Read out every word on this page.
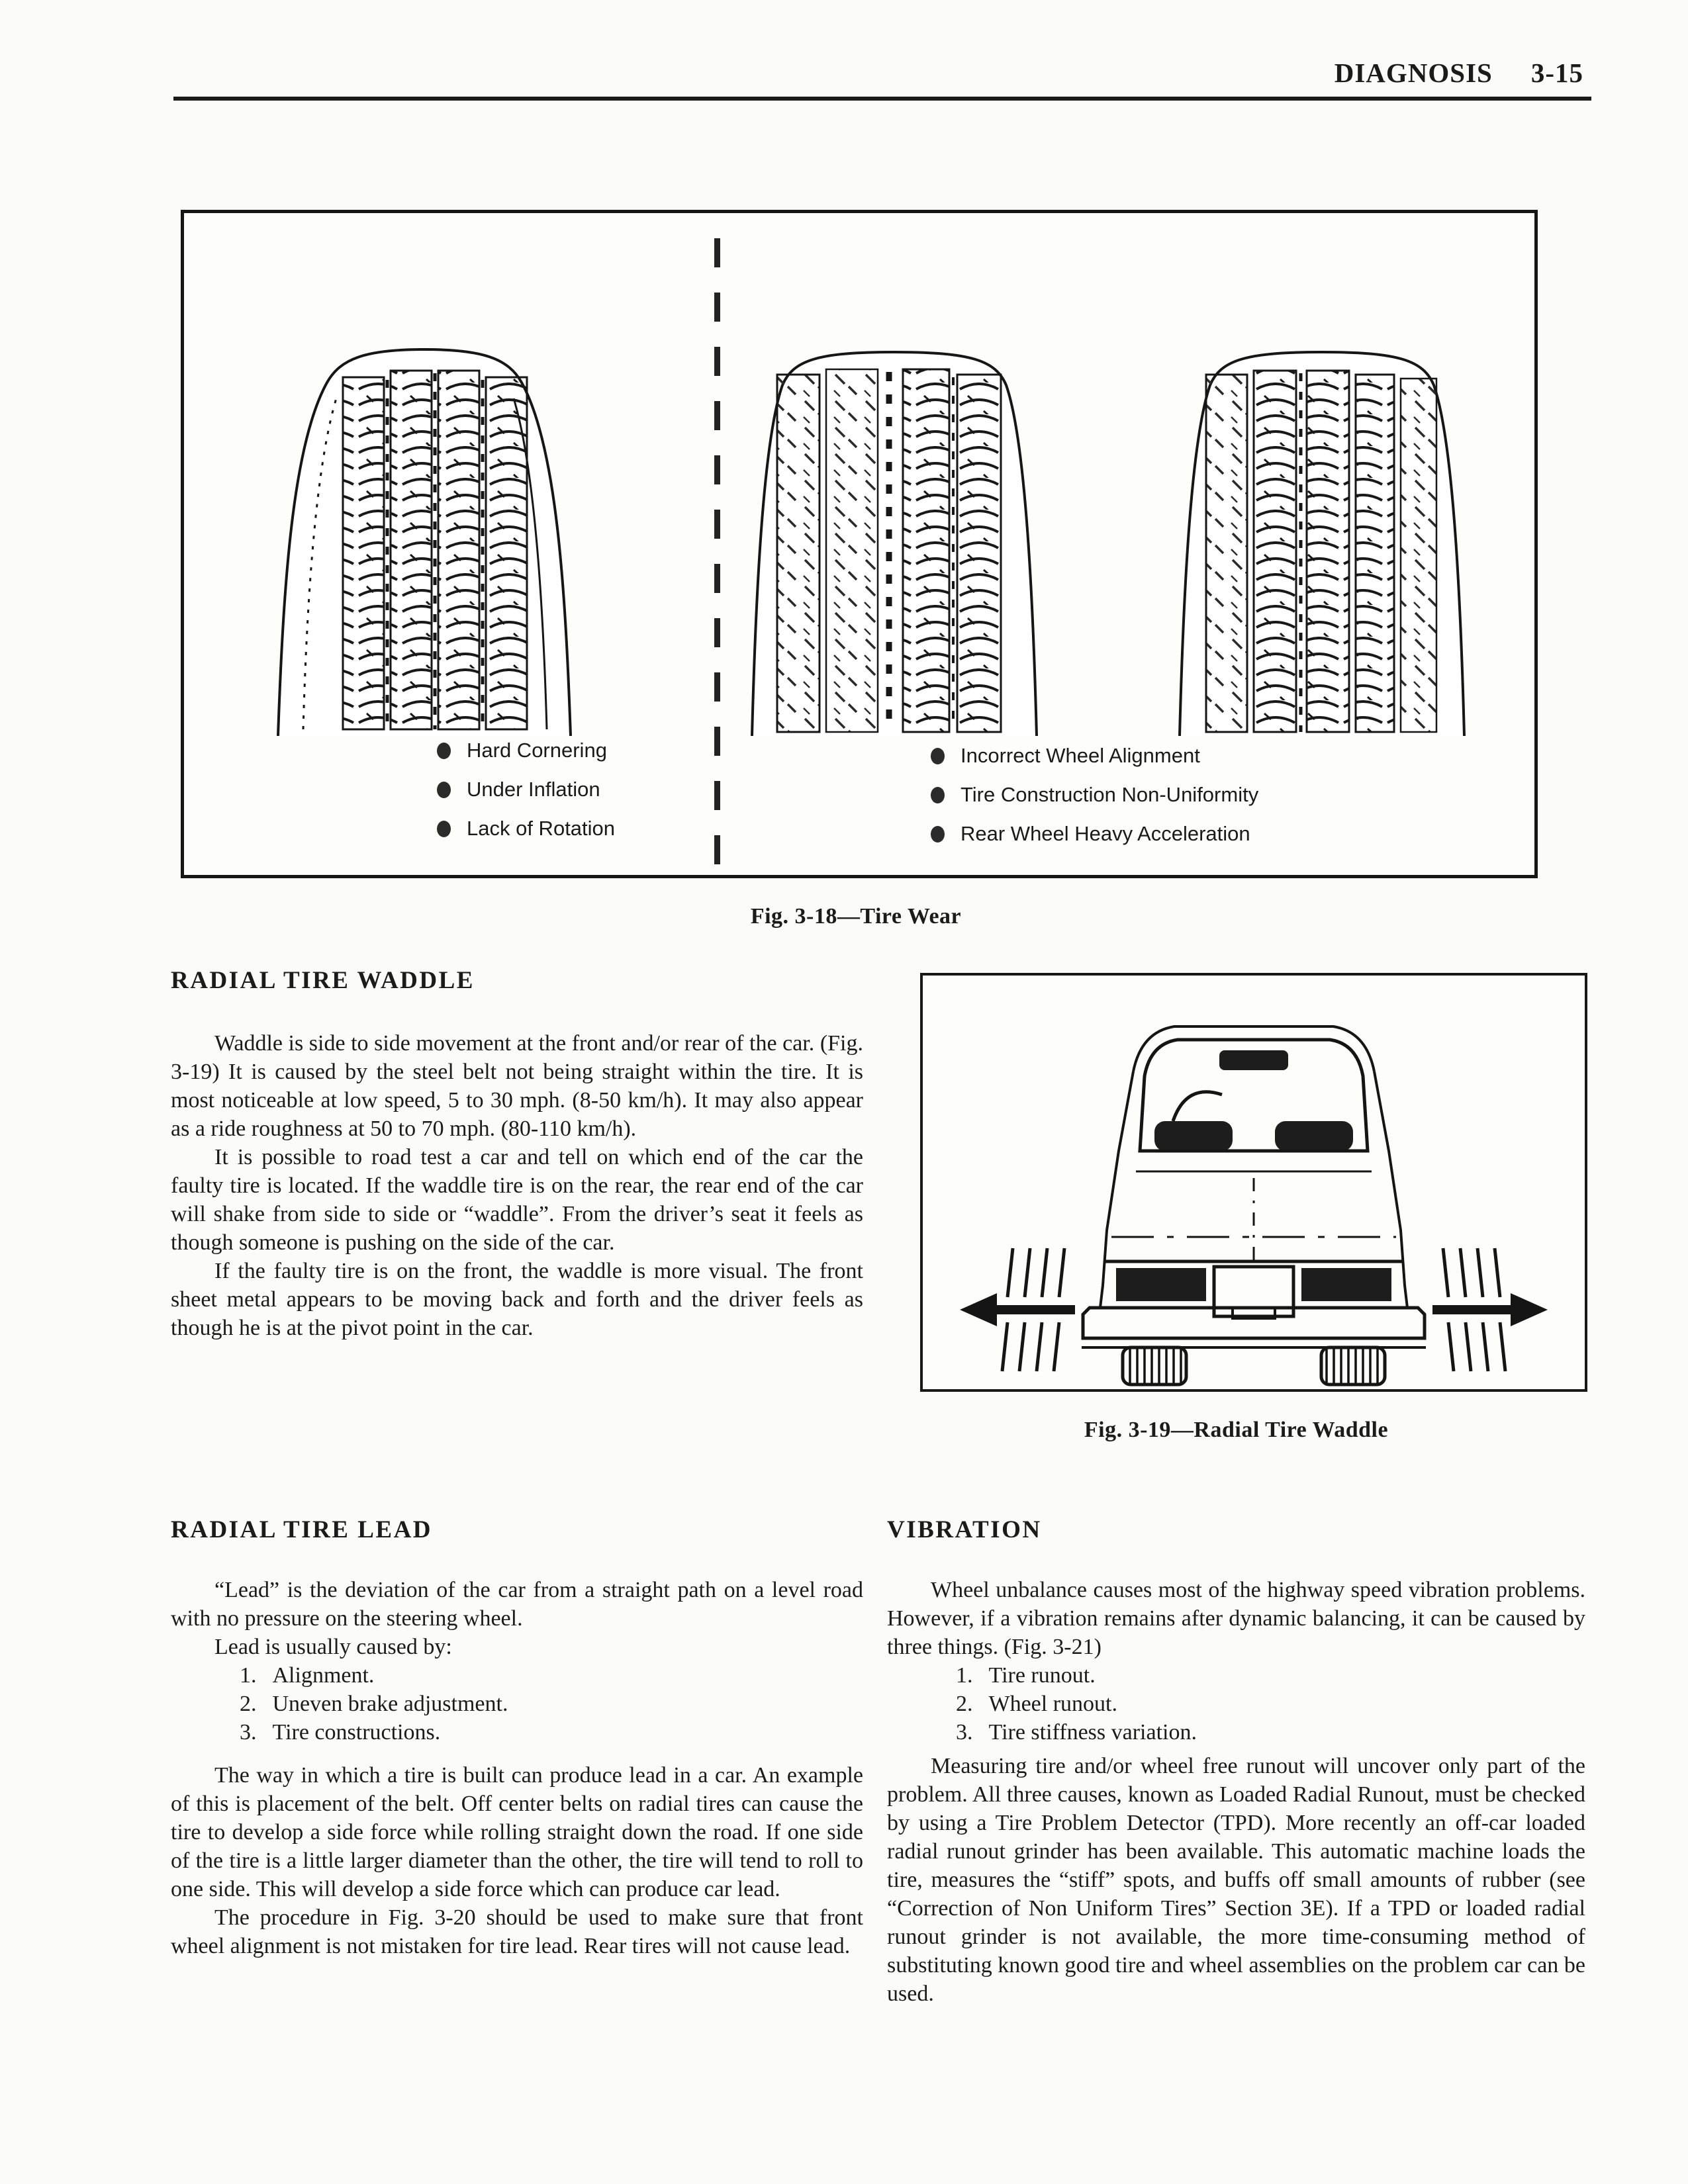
DIAGNOSIS 3-15
Hard Cornering
Under Inflation
Lack of Rotation
Incorrect Wheel Alignment
Tire Construction Non-Uniformity
Rear Wheel Heavy Acceleration
Fig. 3-18—Tire Wear
RADIAL TIRE WADDLE

Waddle is side to side movement at the front and/or rear of the car. (Fig. 3-19) It is caused by the steel belt not being straight within the tire. It is most noticeable at low speed, 5 to 30 mph. (8-50 km/h). It may also appear as a ride roughness at 50 to 70 mph. (80-110 km/h).

It is possible to road test a car and tell on which end of the car the faulty tire is located. If the waddle tire is on the rear, the rear end of the car will shake from side to side or “waddle”. From the driver’s seat it feels as though someone is pushing on the side of the car.

If the faulty tire is on the front, the waddle is more visual. The front sheet metal appears to be moving back and forth and the driver feels as though he is at the pivot point in the car.

Fig. 3-19—Radial Tire Waddle
RADIAL TIRE LEAD

“Lead” is the deviation of the car from a straight path on a level road with no pressure on the steering wheel.

Lead is usually caused by:

1. Alignment.
2. Uneven brake adjustment.
3. Tire constructions.

The way in which a tire is built can produce lead in a car. An example of this is placement of the belt. Off center belts on radial tires can cause the tire to develop a side force while rolling straight down the road. If one side of the tire is a little larger diameter than the other, the tire will tend to roll to one side. This will develop a side force which can produce car lead.

The procedure in Fig. 3-20 should be used to make sure that front wheel alignment is not mistaken for tire lead. Rear tires will not cause lead.

VIBRATION

Wheel unbalance causes most of the highway speed vibration problems. However, if a vibration remains after dynamic balancing, it can be caused by three things. (Fig. 3-21)

1. Tire runout.
2. Wheel runout.
3. Tire stiffness variation.

Measuring tire and/or wheel free runout will uncover only part of the problem. All three causes, known as Loaded Radial Runout, must be checked by using a Tire Problem Detector (TPD). More recently an off-car loaded radial runout grinder has been available. This automatic machine loads the tire, measures the “stiff” spots, and buffs off small amounts of rubber (see “Correction of Non Uniform Tires” Section 3E). If a TPD or loaded radial runout grinder is not available, the more time-consuming method of substituting known good tire and wheel assemblies on the problem car can be used.
